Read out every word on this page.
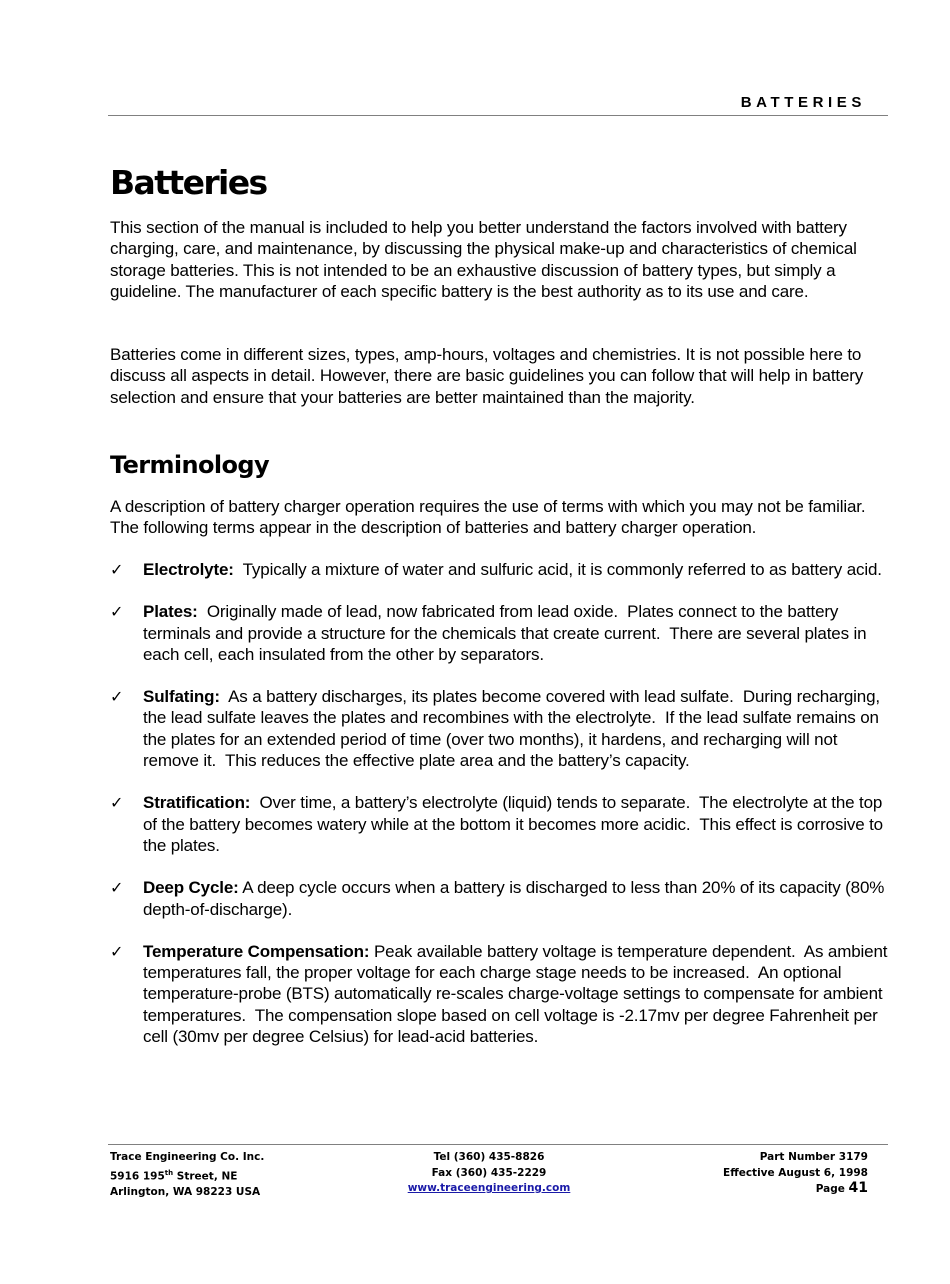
BATTERIES
Batteries

This section of the manual is included to help you better understand the factors involved with battery charging, care, and maintenance, by discussing the physical make-up and characteristics of chemical storage batteries. This is not intended to be an exhaustive discussion of battery types, but simply a guideline. The manufacturer of each specific battery is the best authority as to its use and care.

Batteries come in different sizes, types, amp-hours, voltages and chemistries. It is not possible here to discuss all aspects in detail. However, there are basic guidelines you can follow that will help in battery selection and ensure that your batteries are better maintained than the majority.

Terminology

A description of battery charger operation requires the use of terms with which you may not be familiar. The following terms appear in the description of batteries and battery charger operation.

✓ Electrolyte:  Typically a mixture of water and sulfuric acid, it is commonly referred to as battery acid.
✓ Plates:  Originally made of lead, now fabricated from lead oxide.  Plates connect to the battery terminals and provide a structure for the chemicals that create current.  There are several plates in each cell, each insulated from the other by separators.
✓ Sulfating:  As a battery discharges, its plates become covered with lead sulfate.  During recharging, the lead sulfate leaves the plates and recombines with the electrolyte.  If the lead sulfate remains on the plates for an extended period of time (over two months), it hardens, and recharging will not remove it.  This reduces the effective plate area and the battery’s capacity.
✓ Stratification:  Over time, a battery’s electrolyte (liquid) tends to separate.  The electrolyte at the top of the battery becomes watery while at the bottom it becomes more acidic.  This effect is corrosive to the plates.
✓ Deep Cycle: A deep cycle occurs when a battery is discharged to less than 20% of its capacity (80% depth-of-discharge).
✓ Temperature Compensation: Peak available battery voltage is temperature dependent.  As ambient temperatures fall, the proper voltage for each charge stage needs to be increased.  An optional temperature-probe (BTS) automatically re-scales charge-voltage settings to compensate for ambient temperatures.  The compensation slope based on cell voltage is -2.17mv per degree Fahrenheit per cell (30mv per degree Celsius) for lead-acid batteries.
Trace Engineering Co. Inc.
5916 195th Street, NE
Arlington, WA 98223 USA
Tel (360) 435-8826
Fax (360) 435-2229
www.traceengineering.com
Part Number 3179
Effective August 6, 1998
Page 41
